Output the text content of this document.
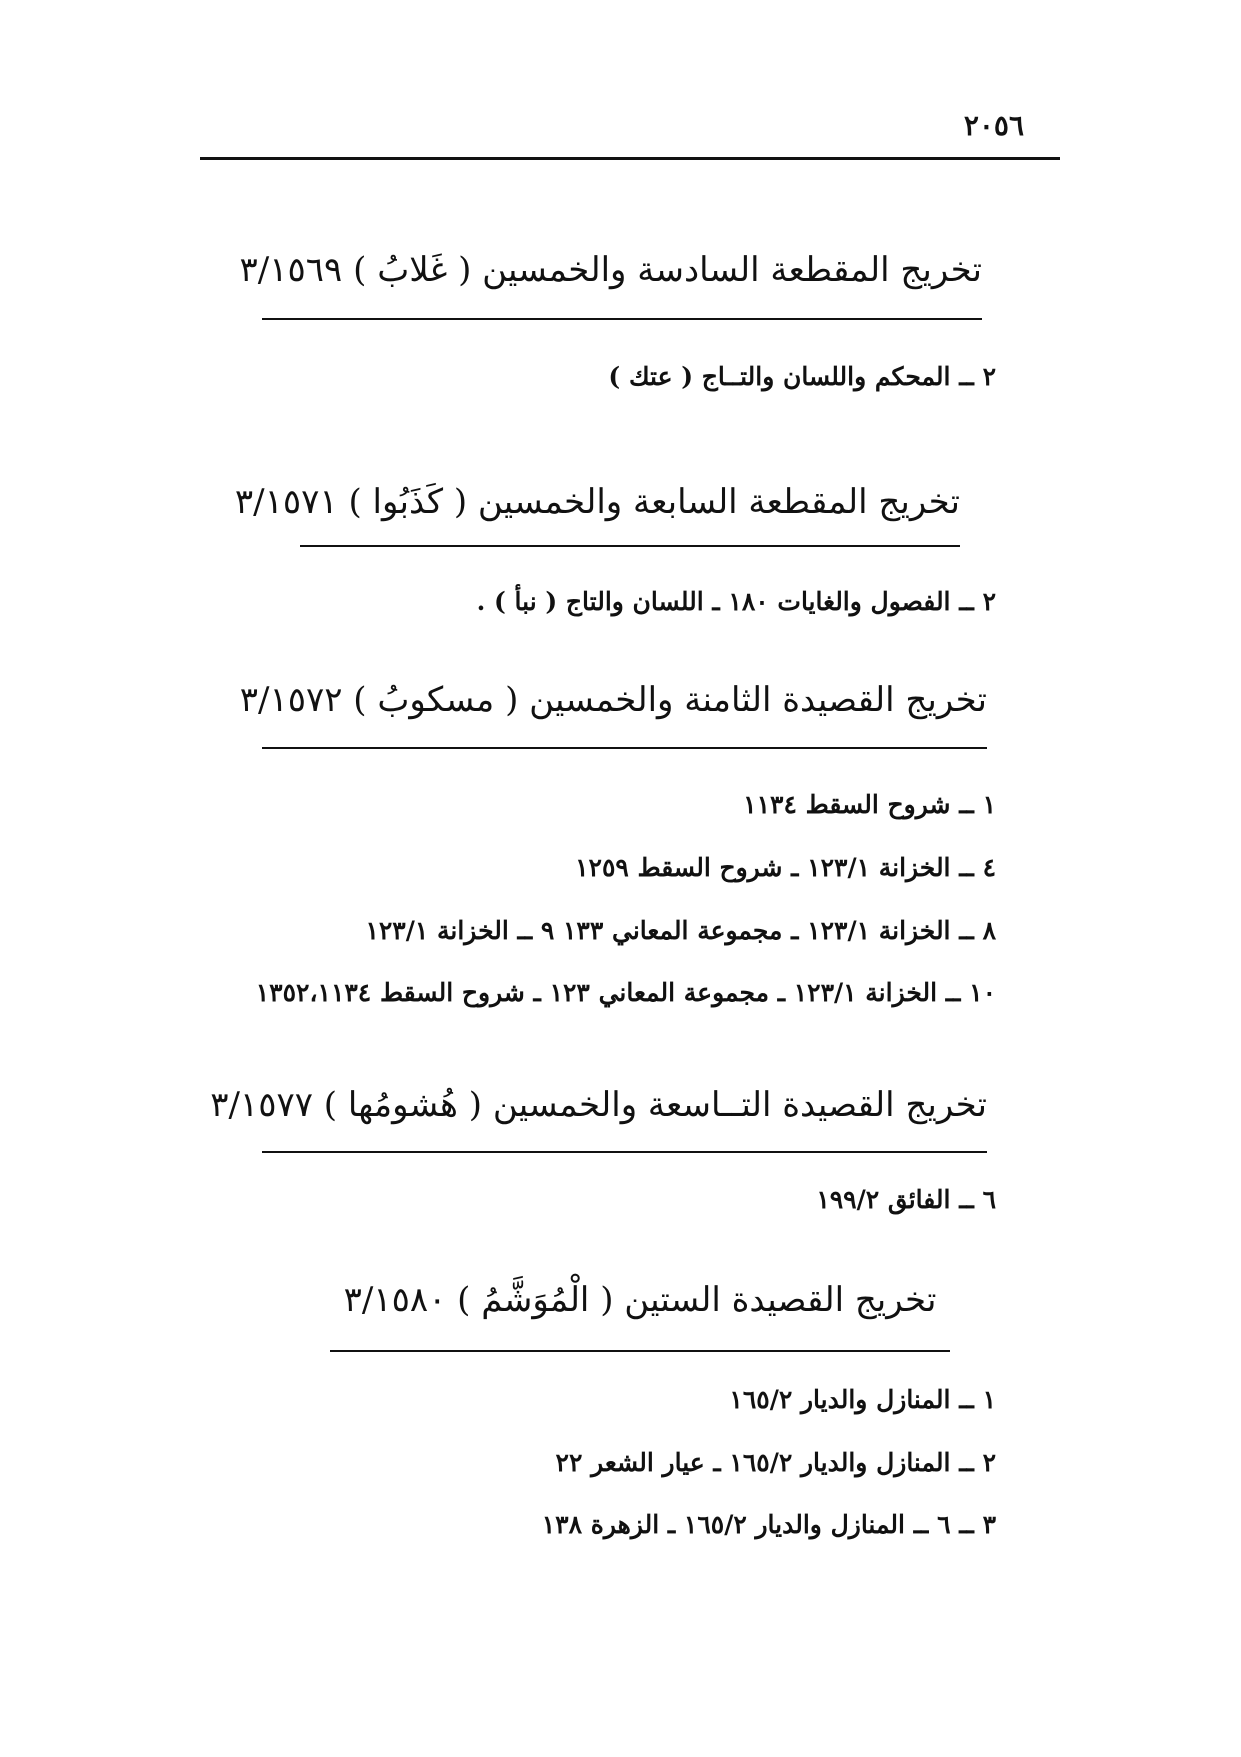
٢٠٥٦
تخريج المقطعة السادسة والخمسين ( غَلابُ ) ٣/١٥٦٩
٢ ــ المحكم واللسان والتــاج ( عتك )
تخريج المقطعة السابعة والخمسين ( كَذَبُوا ) ٣/١٥٧١
٢ ــ الفصول والغايات ١٨٠ ـ اللسان والتاج ( نبأ ) .
تخريج القصيدة الثامنة والخمسين ( مسكوبُ ) ٣/١٥٧٢
١ ــ شروح السقط ١١٣٤
٤ ــ الخزانة ١٢٣/١ ـ شروح السقط ١٢٥٩
٨ ــ الخزانة ١٢٣/١ ـ مجموعة المعاني ١٣٣ ٩ ــ الخزانة ١٢٣/١
١٠ ــ الخزانة ١٢٣/١ ـ مجموعة المعاني ١٢٣ ـ شروح السقط ١٣٥٢،١١٣٤
تخريج القصيدة التــاسعة والخمسين ( هُشومُها ) ٣/١٥٧٧
٦ ــ الفائق ١٩٩/٢
تخريج القصيدة الستين ( الْمُوَشَّمُ ) ٣/١٥٨٠
١ ــ المنازل والديار ١٦٥/٢
٢ ــ المنازل والديار ١٦٥/٢ ـ عيار الشعر ٢٢
٣ ــ ٦ ــ المنازل والديار ١٦٥/٢ ـ الزهرة ١٣٨
